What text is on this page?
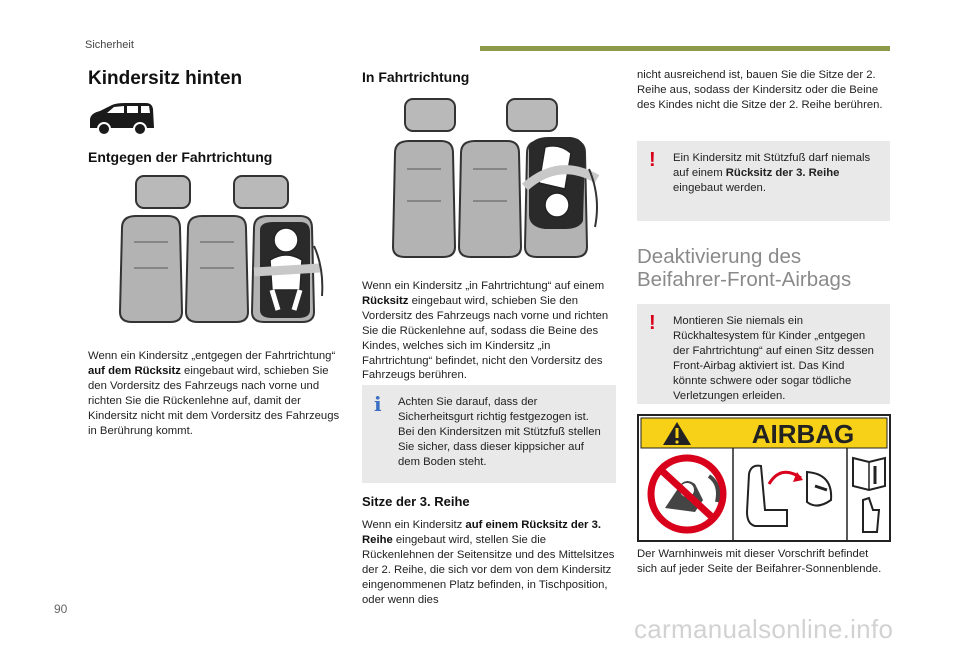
Sicherheit
Kindersitz hinten
Entgegen der Fahrtrichtung

Wenn ein Kindersitz „entgegen der Fahrtrichtung“ auf dem Rücksitz eingebaut wird, schieben Sie den Vordersitz des Fahrzeugs nach vorne und richten Sie die Rückenlehne auf, damit der Kindersitz nicht mit dem Vordersitz des Fahrzeugs in Berührung kommt.

In Fahrtrichtung

Wenn ein Kindersitz „in Fahrtrichtung“ auf einem Rücksitz eingebaut wird, schieben Sie den Vordersitz des Fahrzeugs nach vorne und richten Sie die Rückenlehne auf, sodass die Beine des Kindes, welches sich im Kindersitz „in Fahrtrichtung“ befindet, nicht den Vordersitz des Fahrzeugs berühren.

i Achten Sie darauf, dass der Sicherheitsgurt richtig festgezogen ist.
Bei den Kindersitzen mit Stützfuß stellen Sie sicher, dass dieser kippsicher auf dem Boden steht.
Sitze der 3. Reihe

Wenn ein Kindersitz auf einem Rücksitz der 3. Reihe eingebaut wird, stellen Sie die Rückenlehnen der Seitensitze und des Mittelsitzes der 2. Reihe, die sich vor dem von dem Kindersitz eingenommenen Platz befinden, in Tischposition, oder wenn dies

nicht ausreichend ist, bauen Sie die Sitze der 2. Reihe aus, sodass der Kindersitz oder die Beine des Kindes nicht die Sitze der 2. Reihe berühren.

! Ein Kindersitz mit Stützfuß darf niemals auf einem Rücksitz der 3. Reihe eingebaut werden.
Deaktivierung des
Beifahrer-Front-Airbags
! Montieren Sie niemals ein Rückhaltesystem für Kinder „entgegen der Fahrtrichtung“ auf einen Sitz dessen Front-Airbag aktiviert ist. Das Kind könnte schwere oder sogar tödliche Verletzungen erleiden.
AIRBAG

Der Warnhinweis mit dieser Vorschrift befindet sich auf jeder Seite der Beifahrer-Sonnenblende.

90
carmanualsonline.info
